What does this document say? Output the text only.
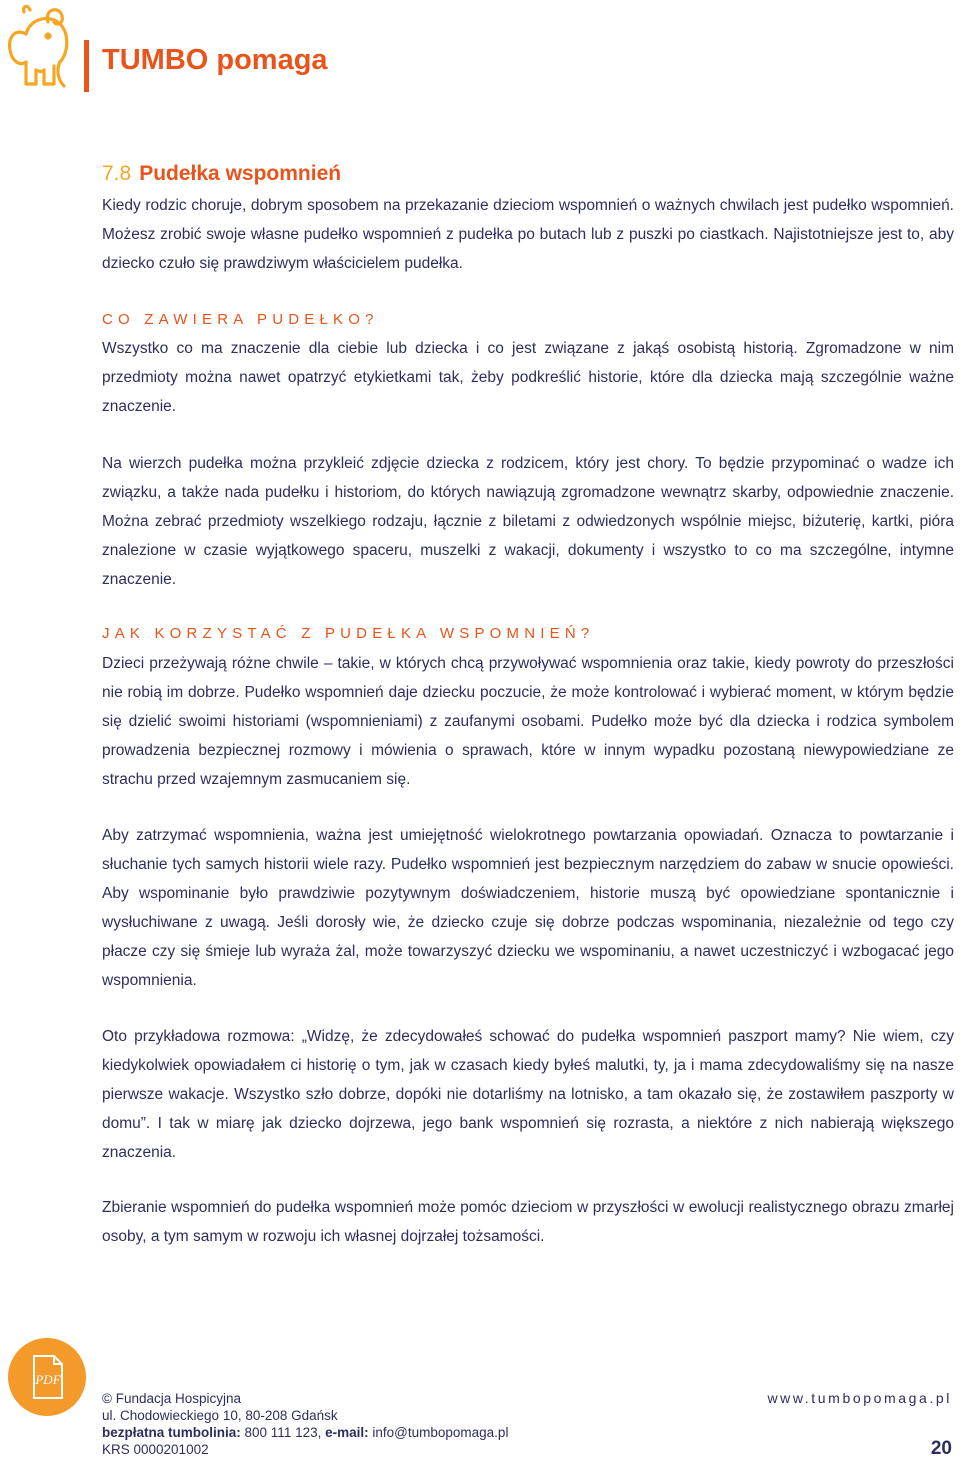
TUMBO pomaga
7.8 Pudełka wspomnień

Kiedy rodzic choruje, dobrym sposobem na przekazanie dzieciom wspomnień o ważnych chwilach jest pudełko wspomnień. Możesz zrobić swoje własne pudełko wspomnień z pudełka po butach lub z puszki po ciastkach. Najistotniejsze jest to, aby dziecko czuło się prawdziwym właścicielem pudełka.

CO ZAWIERA PUDEŁKO?

Wszystko co ma znaczenie dla ciebie lub dziecka i co jest związane z jakąś osobistą historią. Zgromadzone w nim przedmioty można nawet opatrzyć etykietkami tak, żeby podkreślić historie, które dla dziecka mają szczególnie ważne znaczenie.

Na wierzch pudełka można przykleić zdjęcie dziecka z rodzicem, który jest chory. To będzie przypominać o wadze ich związku, a także nada pudełku i historiom, do których nawiązują zgromadzone wewnątrz skarby, odpowiednie znaczenie. Można zebrać przedmioty wszelkiego rodzaju, łącznie z biletami z odwiedzonych wspólnie miejsc, biżuterię, kartki, pióra znalezione w czasie wyjątkowego spaceru, muszelki z wakacji, dokumenty i wszystko to co ma szczególne, intymne znaczenie.

JAK KORZYSTAĆ Z PUDEŁKA WSPOMNIEŃ?

Dzieci przeżywają różne chwile – takie, w których chcą przywoływać wspomnienia oraz takie, kiedy powroty do przeszłości nie robią im dobrze. Pudełko wspomnień daje dziecku poczucie, że może kontrolować i wybierać moment, w którym będzie się dzielić swoimi historiami (wspomnieniami) z zaufanymi osobami. Pudełko może być dla dziecka i rodzica symbolem prowadzenia bezpiecznej rozmowy i mówienia o sprawach, które w innym wypadku pozostaną niewypowiedziane ze strachu przed wzajemnym zasmucaniem się.

Aby zatrzymać wspomnienia, ważna jest umiejętność wielokrotnego powtarzania opowiadań. Oznacza to powtarzanie i słuchanie tych samych historii wiele razy. Pudełko wspomnień jest bezpiecznym narzędziem do zabaw w snucie opowieści. Aby wspominanie było prawdziwie pozytywnym doświadczeniem, historie muszą być opowiedziane spontanicznie i wysłuchiwane z uwagą. Jeśli dorosły wie, że dziecko czuje się dobrze podczas wspominania, niezależnie od tego czy płacze czy się śmieje lub wyraża żal, może towarzyszyć dziecku we wspominaniu, a nawet uczestniczyć i wzbogacać jego wspomnienia.

Oto przykładowa rozmowa: „Widzę, że zdecydowałeś schować do pudełka wspomnień paszport mamy? Nie wiem, czy kiedykolwiek opowiadałem ci historię o tym, jak w czasach kiedy byłeś malutki, ty, ja i mama zdecydowaliśmy się na nasze pierwsze wakacje. Wszystko szło dobrze, dopóki nie dotarliśmy na lotnisko, a tam okazało się, że zostawiłem paszporty w domu”. I tak w miarę jak dziecko dojrzewa, jego bank wspomnień się rozrasta, a niektóre z nich nabierają większego znaczenia.

Zbieranie wspomnień do pudełka wspomnień może pomóc dzieciom w przyszłości w ewolucji realistycznego obrazu zmarłej osoby, a tym samym w rozwoju ich własnej dojrzałej tożsamości.

PDF
© Fundacja Hospicyjna
ul. Chodowieckiego 10, 80-208 Gdańsk
bezpłatna tumbolinia: 800 111 123, e-mail: info@tumbopomaga.pl
KRS 0000201002
www.tumbopomaga.pl
20
